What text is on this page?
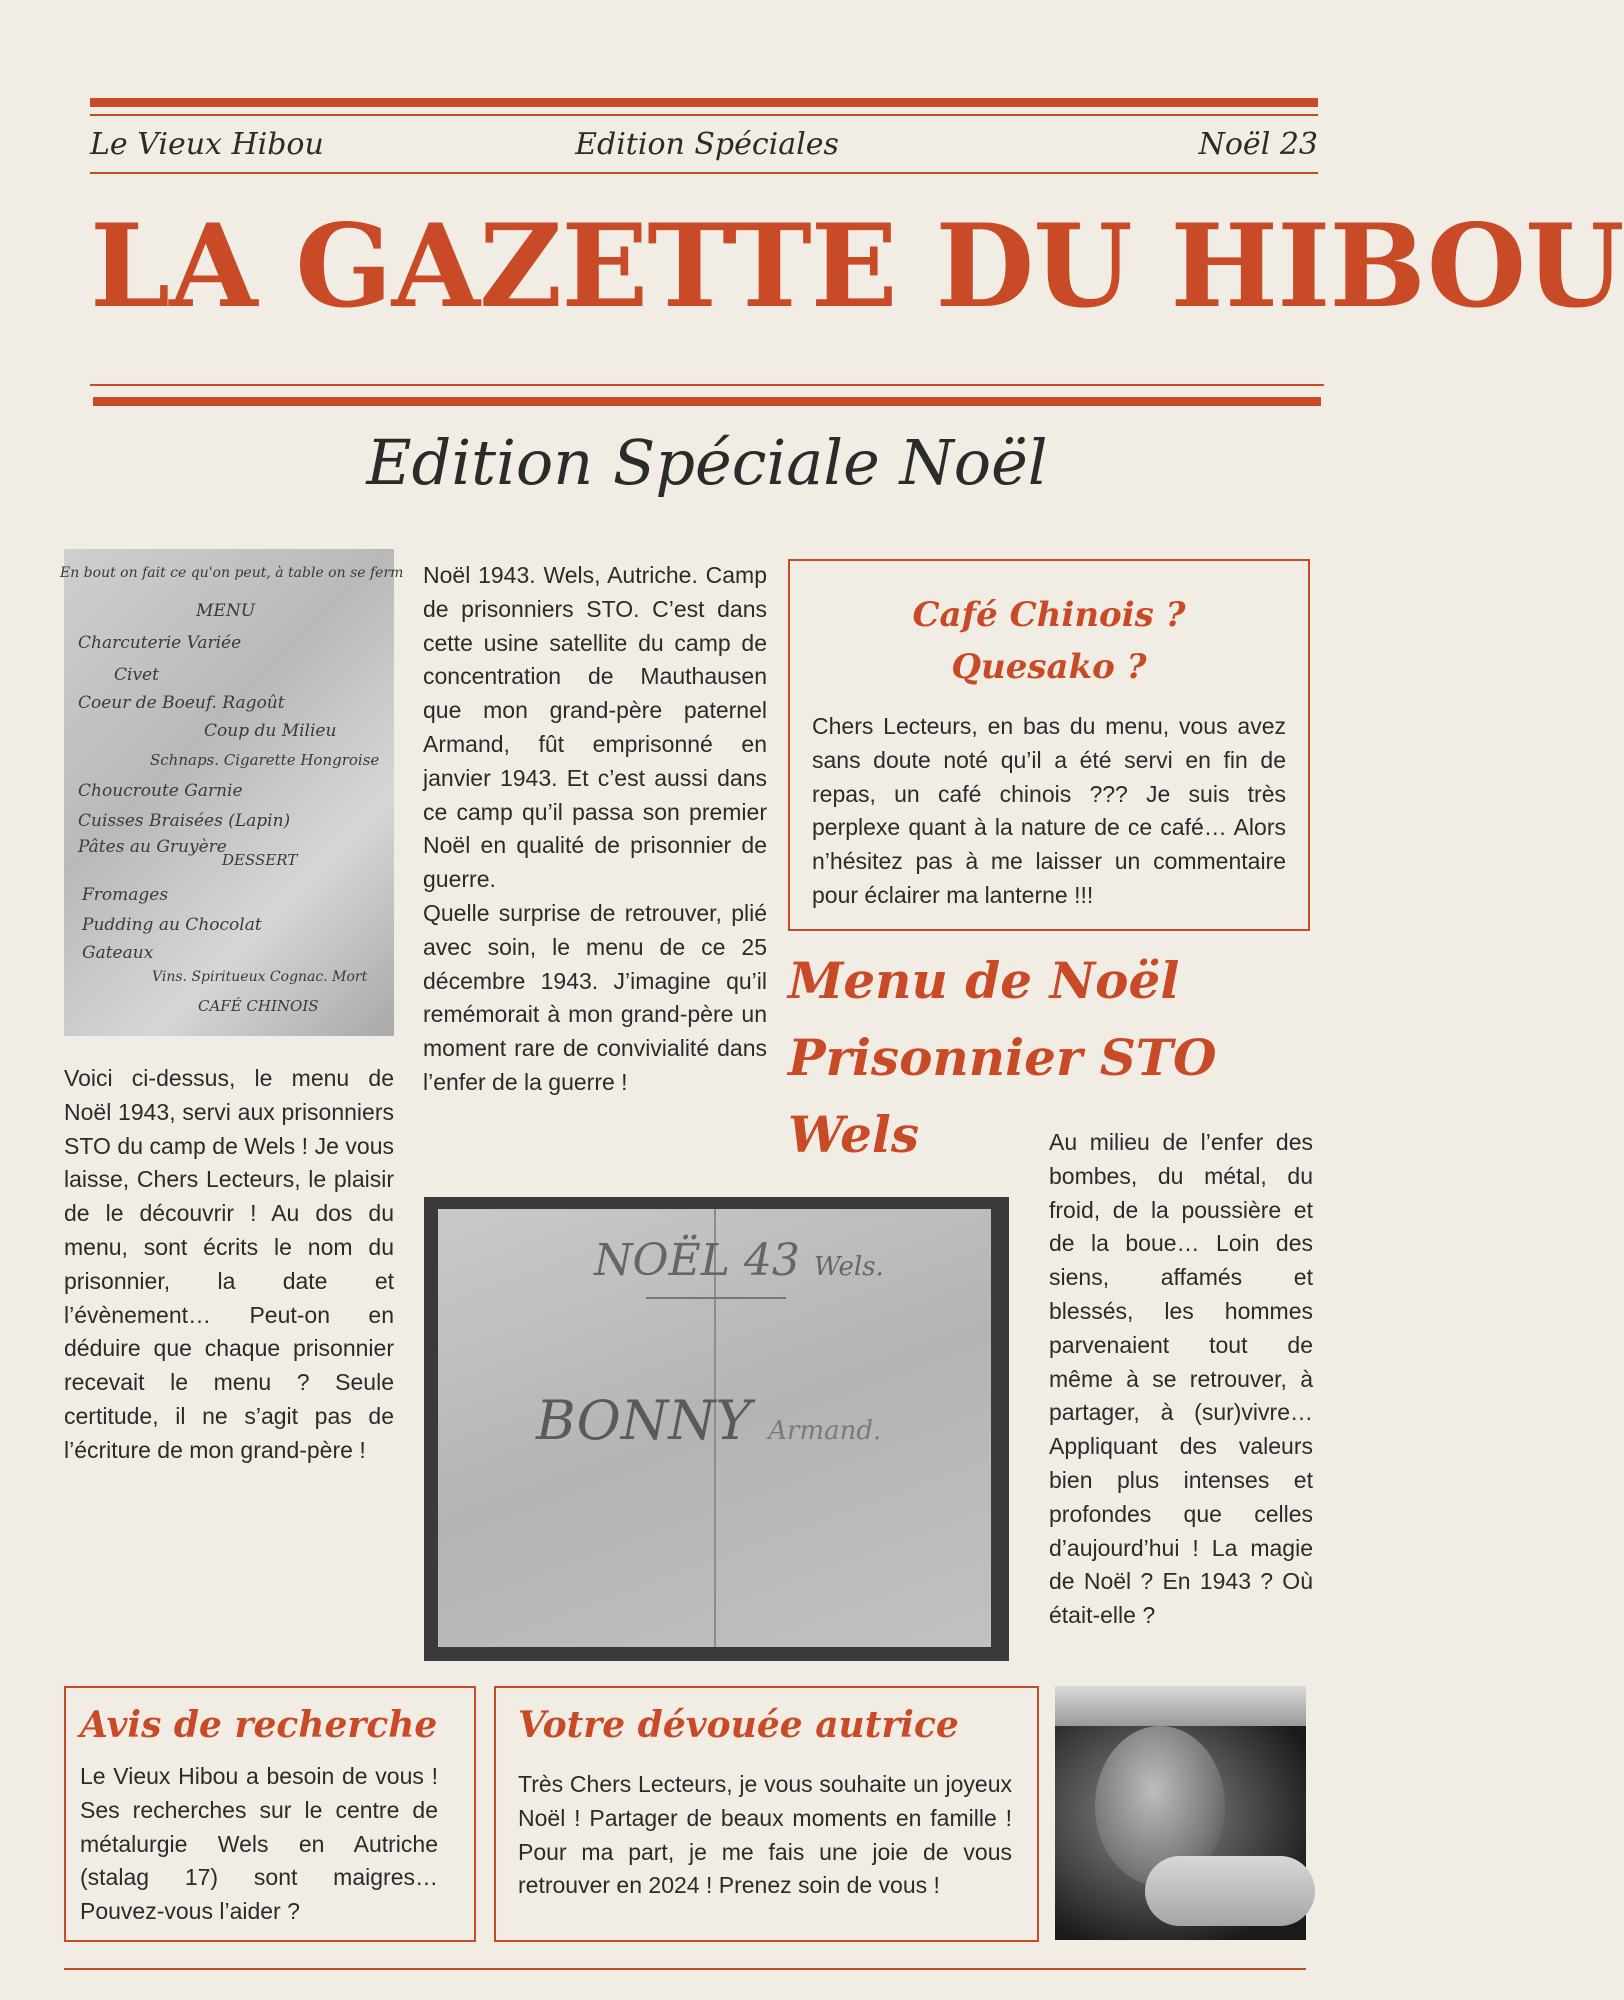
Le Vieux Hibou	Edition Spéciales	Noël 23
LA GAZETTE DU HIBOU
Edition Spéciale Noël
En bout on fait ce qu'on peut, à table on se ferm
MENU
Charcuterie Variée
Civet
Coeur de Boeuf. Ragoût
Coup du Milieu
Schnaps. Cigarette Hongroise
Choucroute Garnie
Cuisses Braisées (Lapin)
Pâtes au Gruyère
DESSERT
Fromages
Pudding au Chocolat
Gateaux
Vins. Spiritueux Cognac. Mort
CAFÉ CHINOIS
Voici ci-dessus, le menu de Noël 1943, servi aux prisonniers STO du camp de Wels ! Je vous laisse, Chers Lecteurs, le plaisir de le découvrir ! Au dos du menu, sont écrits le nom du prisonnier, la date et l’évènement… Peut-on en déduire que chaque prisonnier recevait le menu ? Seule certitude, il ne s’agit pas de l’écriture de mon grand-père !
Noël 1943. Wels, Autriche. Camp de prisonniers STO. C’est dans cette usine satellite du camp de concentration de Mauthausen que mon grand-père paternel Armand, fût emprisonné en janvier 1943. Et c’est aussi dans ce camp qu’il passa son premier Noël en qualité de prisonnier de guerre.
Quelle surprise de retrouver, plié avec soin, le menu de ce 25 décembre 1943. J’imagine qu’il remémorait à mon grand-père un moment rare de convivialité dans l’enfer de la guerre !
Café Chinois ?
Quesako ?
Chers Lecteurs, en bas du menu, vous avez sans doute noté qu’il a été servi en fin de repas, un café chinois ??? Je suis très perplexe quant à la nature de ce café… Alors n’hésitez pas à me laisser un commentaire pour éclairer ma lanterne !!!
Menu de Noël
Prisonnier STO
Wels	Au milieu de l’enfer des bombes, du métal, du froid, de la poussière et de la boue… Loin des siens, affamés et blessés, les hommes parvenaient tout de même à se retrouver, à partager, à (sur)vivre… Appliquant des valeurs bien plus intenses et profondes que celles d’aujourd’hui ! La magie de Noël ? En 1943 ? Où était-elle ?
NOËL 43 Wels.
BONNY Armand.
Avis de recherche
Le Vieux Hibou a besoin de vous ! Ses recherches sur le centre de métalurgie Wels en Autriche (stalag 17) sont maigres… Pouvez-vous l’aider ?
Votre dévouée autrice
Très Chers Lecteurs, je vous souhaite un joyeux Noël ! Partager de beaux moments en famille ! Pour ma part, je me fais une joie de vous retrouver en 2024 ! Prenez soin de vous !
